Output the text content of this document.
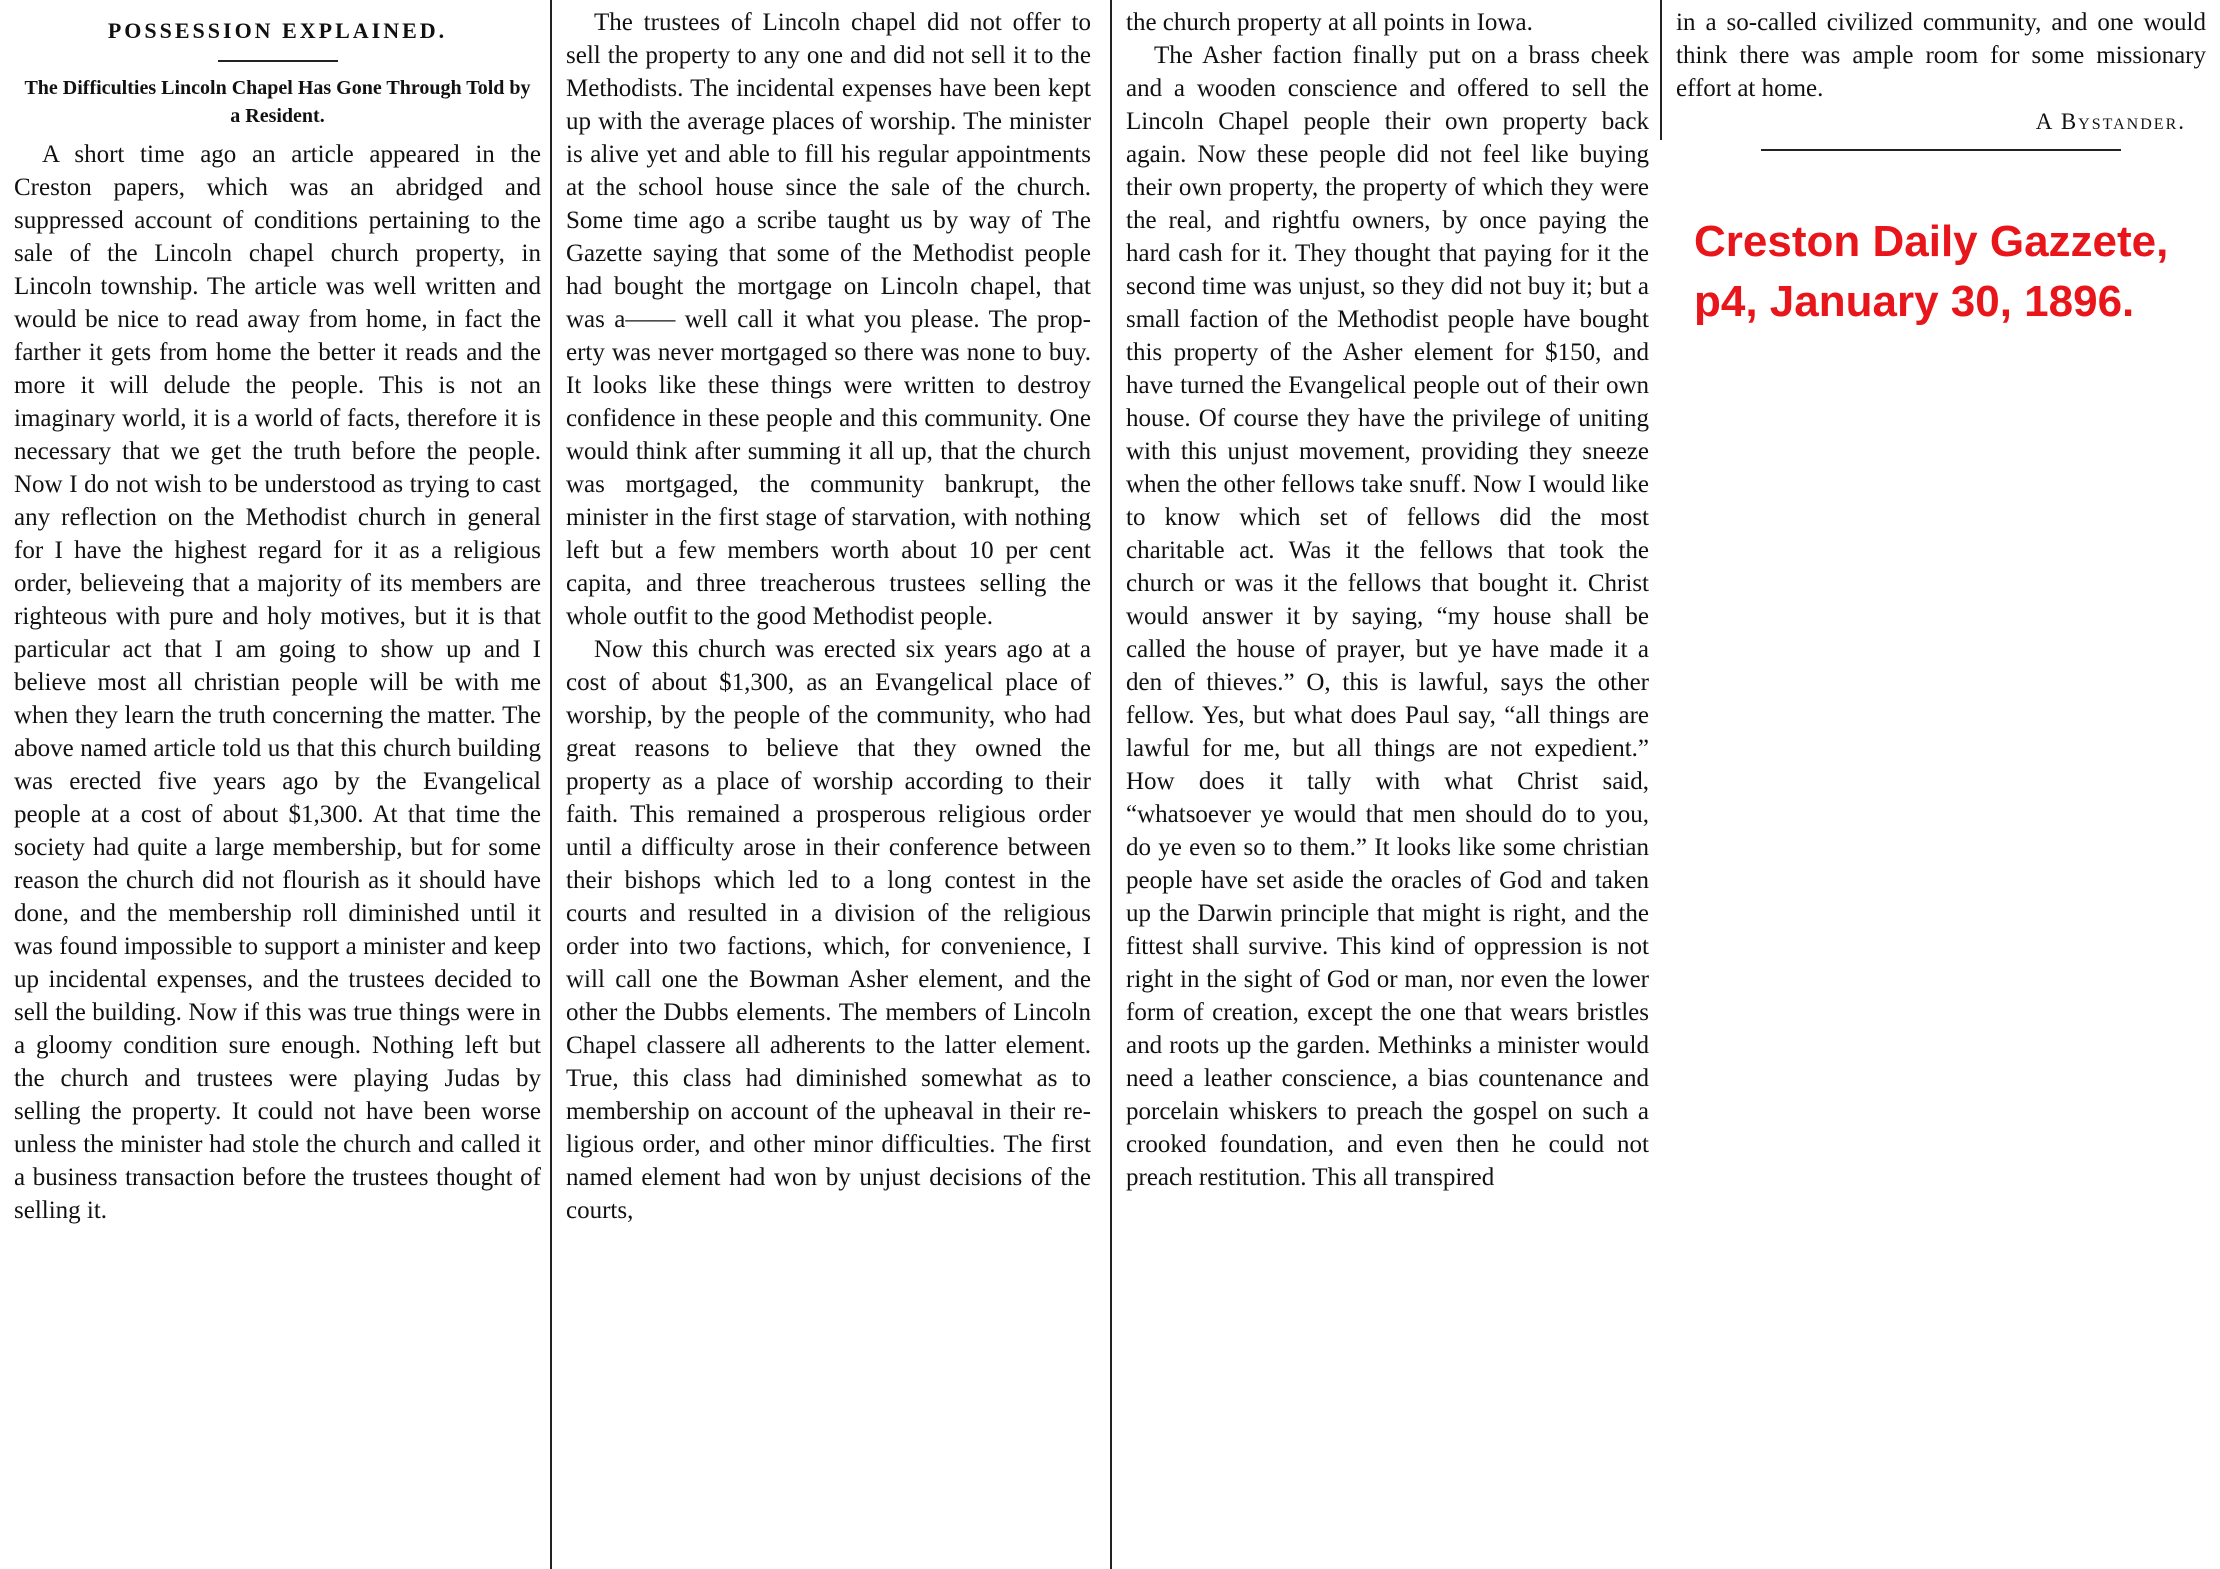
POSSESSION EXPLAINED.
The Difficulties Lincoln Chapel Has Gone Through Told by a Resident.

A short time ago an article appeared in the Creston papers, which was an abridged and suppressed account of conditions pertaining to the sale of the Lincoln chapel church property, in Lincoln township. The article was well written and would be nice to read away from home, in fact the farther it gets from home the better it reads and the more it will delude the people. This is not an imaginary world, it is a world of facts, therefore it is necessary that we get the truth before the people. Now I do not wish to be understood as trying to cast any reflection on the Methodist church in general for I have the highest regard for it as a religious order, believeing that a majority of its members are righteous with pure and holy motives, but it is that particular act that I am going to show up and I believe most all christian people will be with me when they learn the truth concerning the matter. The above named article told us that this church building was erected five years ago by the Evangelical people at a cost of about $1,300. At that time the society had quite a large membership, but for some reason the church did not flourish as it should have done, and the membership roll diminished until it was found impossible to support a minister and keep up incidental expenses, and the trustees decided to sell the building. Now if this was true things were in a gloomy condition sure enough. Nothing left but the church and trustees were playing Judas by selling the property. It could not have been worse unless the minister had stole the church and called it a business transaction before the trustees thought of selling it.

The trustees of Lincoln chapel did not offer to sell the property to any one and did not sell it to the Methodists. The incidental expenses have been kept up with the average places of worship. The minister is alive yet and able to fill his regular appointments at the school house since the sale of the church. Some time ago a scribe taught us by way of The Gazette saying that some of the Methodist people had bought the mortgage on Lincoln chapel, that was a—— well call it what you please. The property was never mortgaged so there was none to buy. It looks like these things were written to destroy confidence in these people and this community. One would think after summing it all up, that the church was mortgaged, the community bankrupt, the minister in the first stage of starvation, with nothing left but a few members worth about 10 per cent capita, and three treacherous trustees selling the whole outfit to the good Methodist people.

Now this church was erected six years ago at a cost of about $1,300, as an Evangelical place of worship, by the people of the community, who had great reasons to believe that they owned the property as a place of worship according to their faith. This remained a prosperous religious order until a difficulty arose in their conference between their bishops which led to a long contest in the courts and resulted in a division of the religious order into two factions, which, for convenience, I will call one the Bowman Asher element, and the other the Dubbs elements. The members of Lincoln Chapel classere all adherents to the latter element. True, this class had diminished somewhat as to membership on account of the upheaval in their religious order, and other minor difficulties. The first named element had won by unjust decisions of the courts,

the church property at all points in Iowa.

The Asher faction finally put on a brass cheek and a wooden conscience and offered to sell the Lincoln Chapel people their own property back again. Now these people did not feel like buying their own property, the property of which they were the real, and rightfu owners, by once paying the hard cash for it. They thought that paying for it the second time was unjust, so they did not buy it; but a small faction of the Methodist people have bought this property of the Asher element for $150, and have turned the Evangelical people out of their own house. Of course they have the privilege of uniting with this unjust movement, providing they sneeze when the other fellows take snuff. Now I would like to know which set of fellows did the most charitable act. Was it the fellows that took the church or was it the fellows that bought it. Christ would answer it by saying, “my house shall be called the house of prayer, but ye have made it a den of thieves.” O, this is lawful, says the other fellow. Yes, but what does Paul say, “all things are lawful for me, but all things are not expedient.” How does it tally with what Christ said, “whatsoever ye would that men should do to you, do ye even so to them.” It looks like some christian people have set aside the oracles of God and taken up the Darwin principle that might is right, and the fittest shall survive. This kind of oppression is not right in the sight of God or man, nor even the lower form of creation, except the one that wears bristles and roots up the garden. Methinks a minister would need a leather conscience, a bias countenance and porcelain whiskers to preach the gospel on such a crooked foundation, and even then he could not preach restitution. This all transpired

in a so-called civilized community, and one would think there was ample room for some missionary effort at home.

A Bystander.
Creston Daily Gazzete,
p4, January 30, 1896.
